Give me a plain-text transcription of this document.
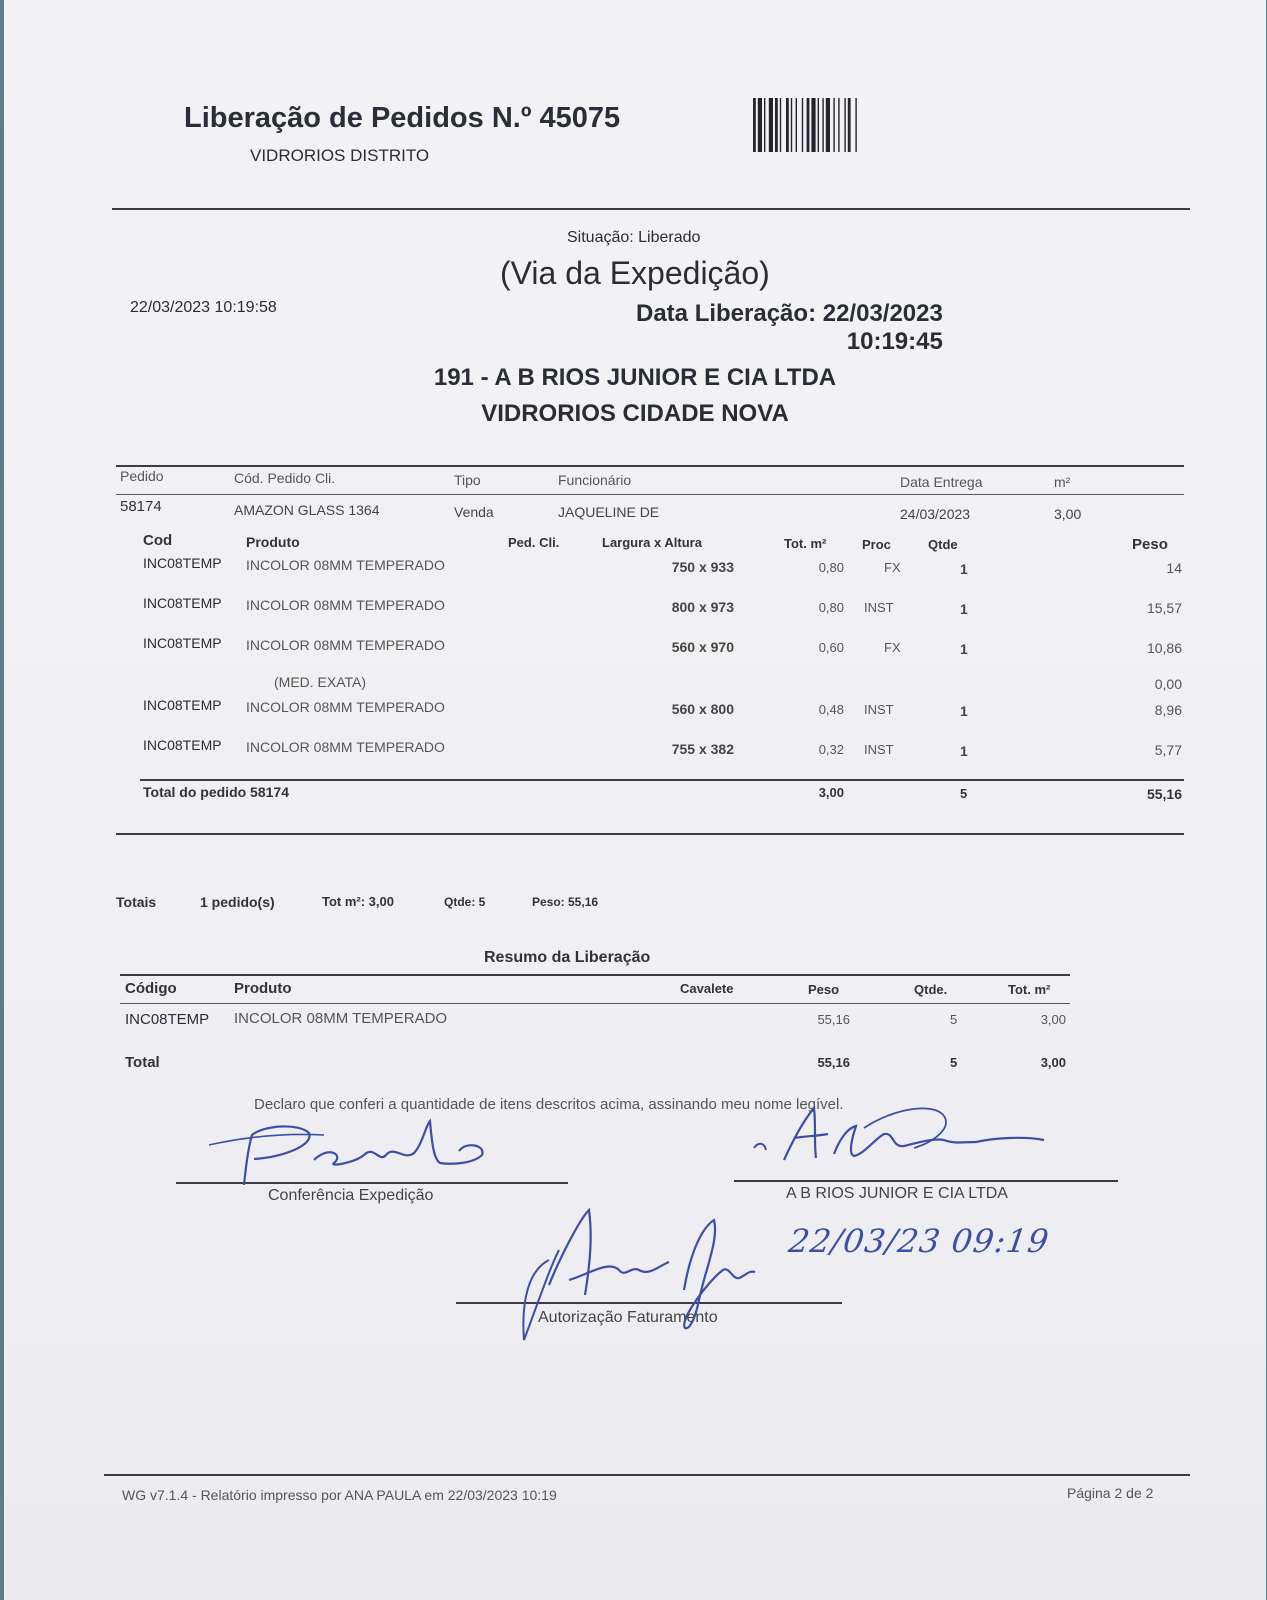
Liberação de Pedidos N.º 45075
VIDRORIOS DISTRITO
Situação: Liberado
(Via da Expedição)
22/03/2023 10:19:58	Data Liberação: 22/03/2023
10:19:45
191 - A B RIOS JUNIOR E CIA LTDA
VIDRORIOS CIDADE NOVA
Pedido	Cód. Pedido Cli.	Tipo	Funcionário	Data Entrega	m²
58174	AMAZON GLASS 1364	Venda	JAQUELINE DE	24/03/2023	3,00
Cod	Produto	Ped. Cli.	Largura x Altura	Tot. m²	Proc	Qtde	Peso
INC08TEMP	INCOLOR 08MM TEMPERADO	750 x 933	0,80	FX	1	14
INC08TEMP	INCOLOR 08MM TEMPERADO	800 x 973	0,80 INST	1	15,57
INC08TEMP	INCOLOR 08MM TEMPERADO	560 x 970	0,60	FX	1	10,86
(MED. EXATA)	0,00
INC08TEMP	INCOLOR 08MM TEMPERADO	560 x 800	0,48 INST	1	8,96
INC08TEMP	INCOLOR 08MM TEMPERADO	755 x 382	0,32 INST	1	5,77
Total do pedido 58174	3,00	5	55,16
Totais	1 pedido(s)	Tot m²: 3,00	Qtde: 5	Peso: 55,16
Resumo da Liberação
Código	Produto	Cavalete	Peso	Qtde.	Tot. m²
INC08TEMP	INCOLOR 08MM TEMPERADO	55,16	5	3,00
Total	55,16	5	3,00
Declaro que conferi a quantidade de itens descritos acima, assinando meu nome legível.
Conferência Expedição	A B RIOS JUNIOR E CIA LTDA
Autorização Faturamento
22/03/23 09:19
WG v7.1.4 - Relatório impresso por ANA PAULA em 22/03/2023 10:19	Página 2 de 2
